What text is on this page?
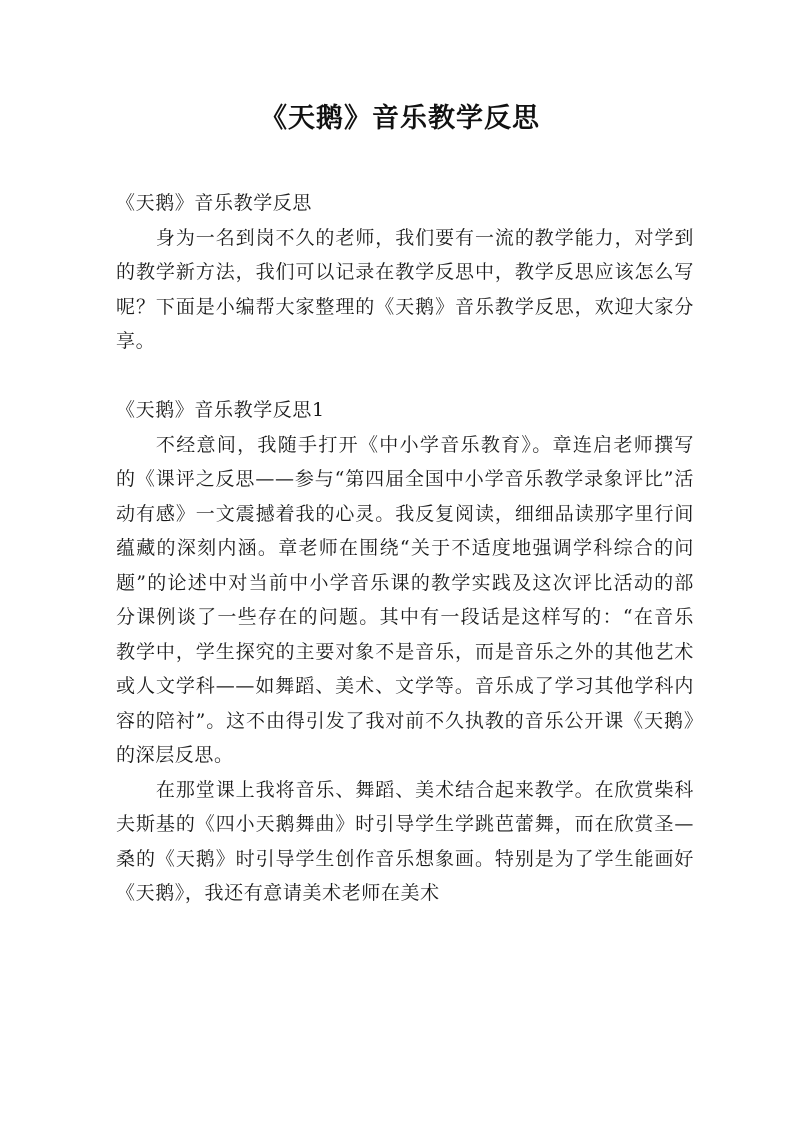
《天鹅》音乐教学反思

《天鹅》音乐教学反思

身为一名到岗不久的老师，我们要有一流的教学能力，对学到的教学新方法，我们可以记录在教学反思中，教学反思应该怎么写呢？下面是小编帮大家整理的《天鹅》音乐教学反思，欢迎大家分享。

《天鹅》音乐教学反思1

不经意间，我随手打开《中小学音乐教育》。章连启老师撰写的《课评之反思——参与“第四届全国中小学音乐教学录象评比”活动有感》一文震撼着我的心灵。我反复阅读，细细品读那字里行间蕴藏的深刻内涵。章老师在围绕“关于不适度地强调学科综合的问题”的论述中对当前中小学音乐课的教学实践及这次评比活动的部分课例谈了一些存在的问题。其中有一段话是这样写的：“在音乐教学中，学生探究的主要对象不是音乐，而是音乐之外的其他艺术或人文学科——如舞蹈、美术、文学等。音乐成了学习其他学科内容的陪衬”。这不由得引发了我对前不久执教的音乐公开课《天鹅》的深层反思。

在那堂课上我将音乐、舞蹈、美术结合起来教学。在欣赏柴科夫斯基的《四小天鹅舞曲》时引导学生学跳芭蕾舞，而在欣赏圣—桑的《天鹅》时引导学生创作音乐想象画。特别是为了学生能画好《天鹅》，我还有意请美术老师在美术
